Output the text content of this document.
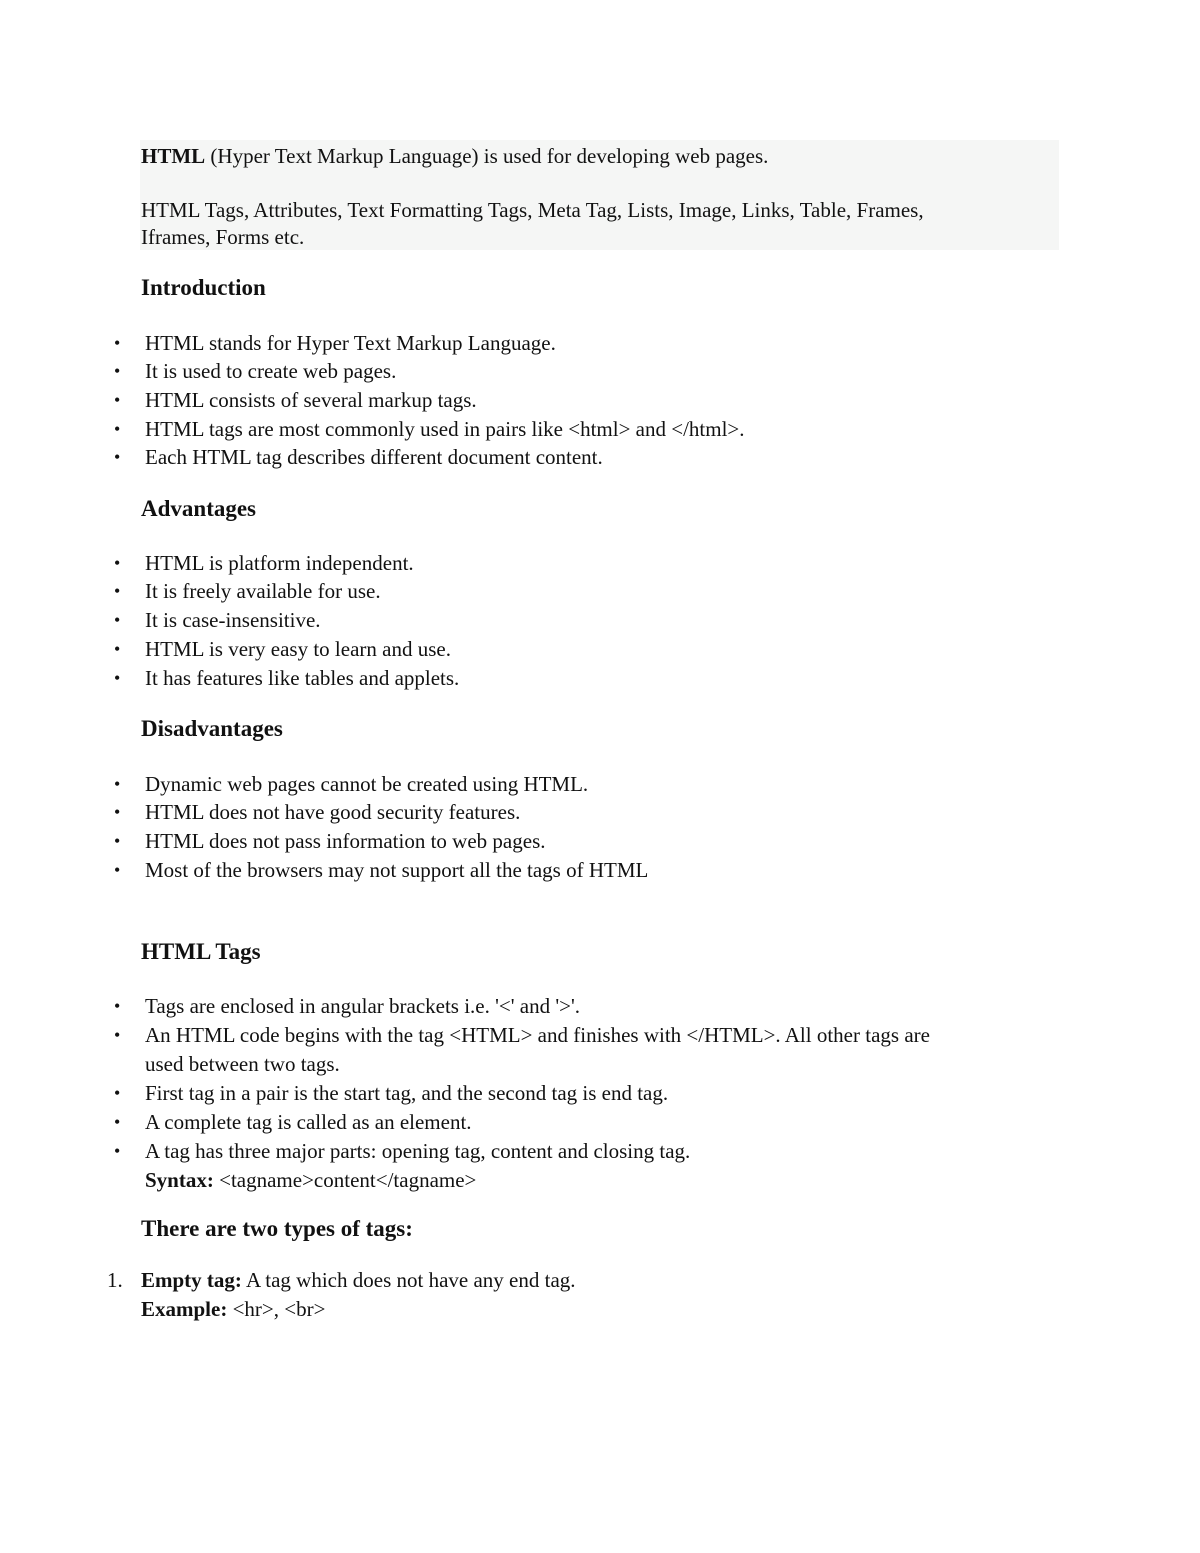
HTML (Hyper Text Markup Language) is used for developing web pages.
HTML Tags, Attributes, Text Formatting Tags, Meta Tag, Lists, Image, Links, Table, Frames,
Iframes, Forms etc.
Introduction
• HTML stands for Hyper Text Markup Language.
• It is used to create web pages.
• HTML consists of several markup tags.
• HTML tags are most commonly used in pairs like <html> and </html>.
• Each HTML tag describes different document content.
Advantages
• HTML is platform independent.
• It is freely available for use.
• It is case-insensitive.
• HTML is very easy to learn and use.
• It has features like tables and applets.
Disadvantages
• Dynamic web pages cannot be created using HTML.
• HTML does not have good security features.
• HTML does not pass information to web pages.
• Most of the browsers may not support all the tags of HTML
HTML Tags
• Tags are enclosed in angular brackets i.e. '<' and '>'.
• An HTML code begins with the tag <HTML> and finishes with </HTML>. All other tags are
used between two tags.
• First tag in a pair is the start tag, and the second tag is end tag.
• A complete tag is called as an element.
• A tag has three major parts: opening tag, content and closing tag.
Syntax: <tagname>content</tagname>
There are two types of tags:
1. Empty tag: A tag which does not have any end tag.
Example: <hr>, <br>
